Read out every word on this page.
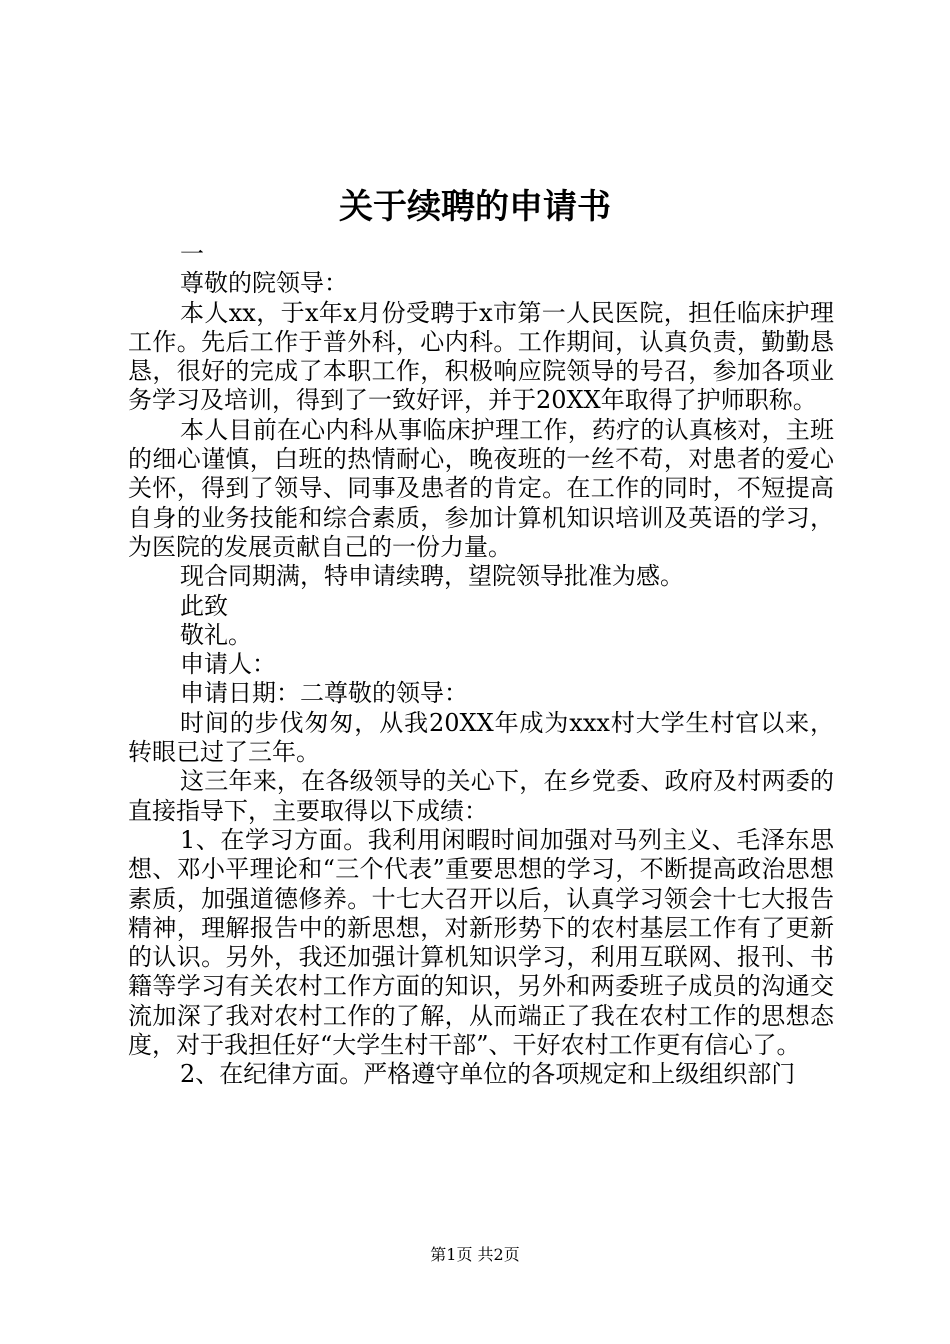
关于续聘的申请书

一

尊敬的院领导：

本人xx，于x年x月份受聘于x市第一人民医院，担任临床护理工作。先后工作于普外科，心内科。工作期间，认真负责，勤勤恳恳，很好的完成了本职工作，积极响应院领导的号召，参加各项业务学习及培训，得到了一致好评，并于20XX年取得了护师职称。

本人目前在心内科从事临床护理工作，药疗的认真核对，主班的细心谨慎，白班的热情耐心，晚夜班的一丝不苟，对患者的爱心关怀，得到了领导、同事及患者的肯定。在工作的同时，不短提高自身的业务技能和综合素质，参加计算机知识培训及英语的学习，为医院的发展贡献自己的一份力量。

现合同期满，特申请续聘，望院领导批准为感。

此致

敬礼。

申请人：

申请日期：二尊敬的领导：

时间的步伐匆匆，从我20XX年成为xxx村大学生村官以来，转眼已过了三年。

这三年来，在各级领导的关心下，在乡党委、政府及村两委的直接指导下，主要取得以下成绩：

1、在学习方面。我利用闲暇时间加强对马列主义、毛泽东思想、邓小平理论和“三个代表”重要思想的学习，不断提高政治思想素质，加强道德修养。十七大召开以后，认真学习领会十七大报告精神，理解报告中的新思想，对新形势下的农村基层工作有了更新的认识。另外，我还加强计算机知识学习，利用互联网、报刊、书籍等学习有关农村工作方面的知识，另外和两委班子成员的沟通交流加深了我对农村工作的了解，从而端正了我在农村工作的思想态度，对于我担任好“大学生村干部”、干好农村工作更有信心了。

2、在纪律方面。严格遵守单位的各项规定和上级组织部门

第1页 共2页
